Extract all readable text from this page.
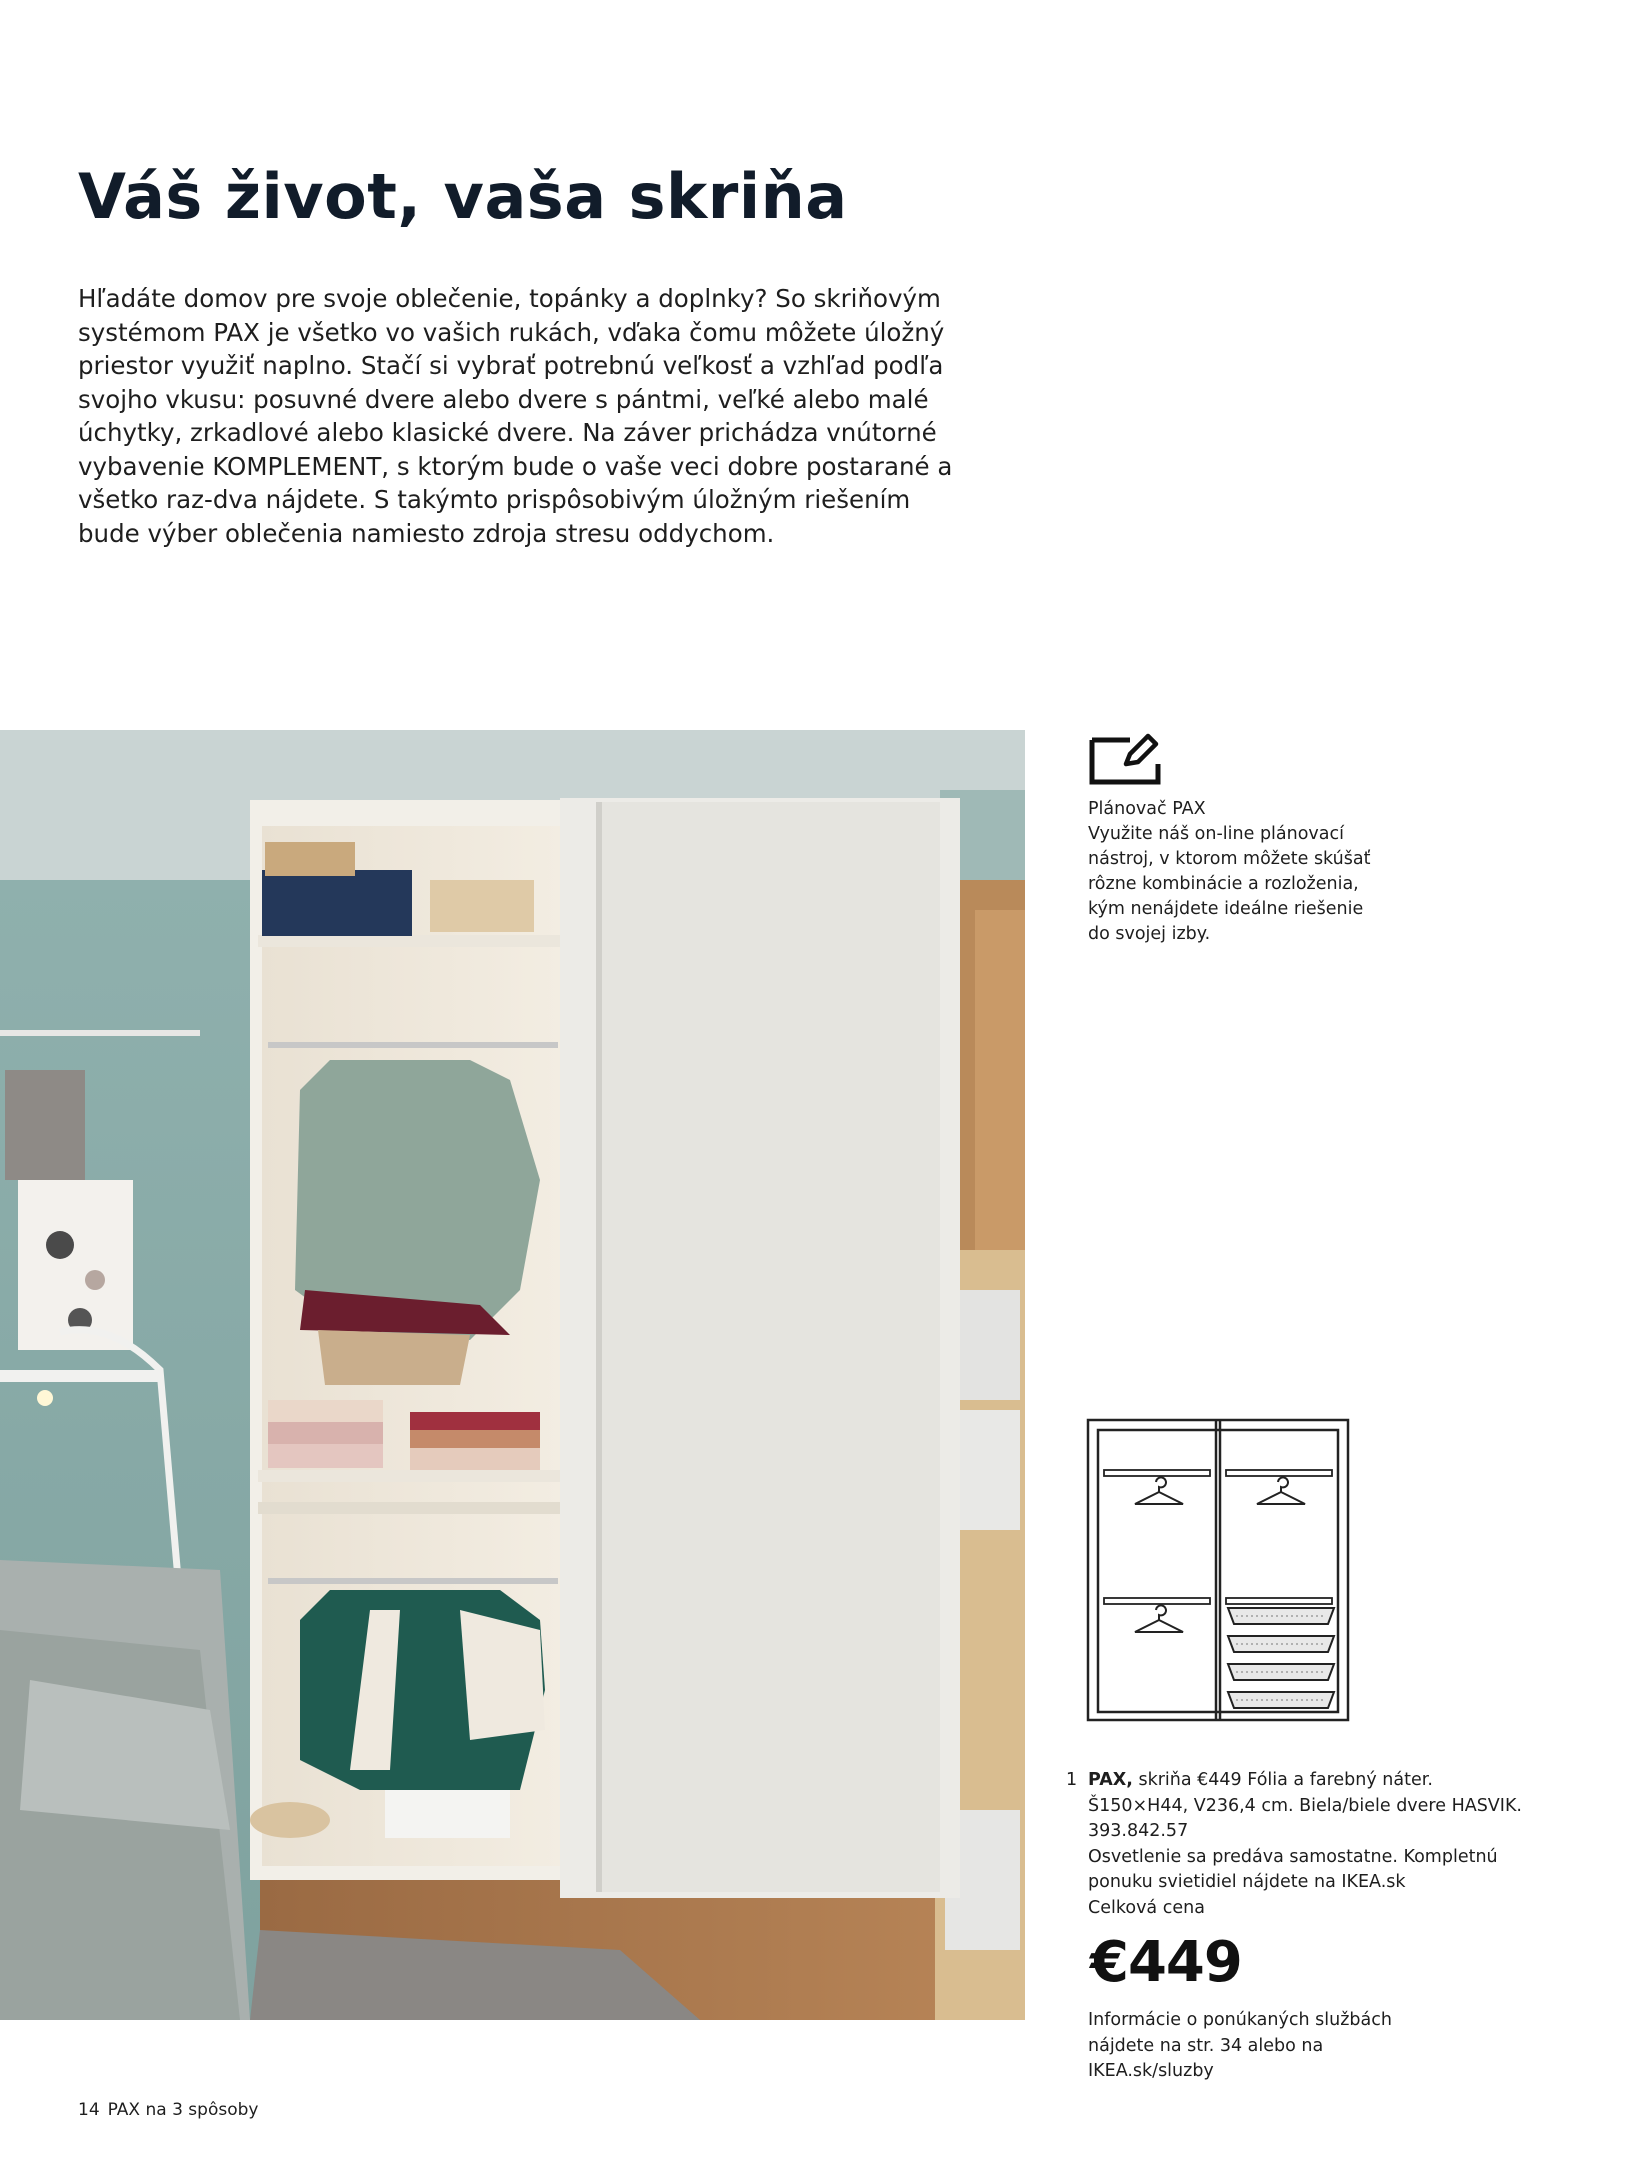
Váš život, vaša skriňa

Hľadáte domov pre svoje oblečenie, topánky a doplnky? So skriňovým systémom PAX je všetko vo vašich rukách, vďaka čomu môžete úložný priestor využiť naplno. Stačí si vybrať potrebnú veľkosť a vzhľad podľa svojho vkusu: posuvné dvere alebo dvere s pántmi, veľké alebo malé úchytky, zrkadlové alebo klasické dvere. Na záver prichádza vnútorné vybavenie KOMPLEMENT, s ktorým bude o vaše veci dobre postarané a všetko raz-dva nájdete. S takýmto prispôsobivým úložným riešením bude výber oblečenia namiesto zdroja stresu oddychom.

Plánovač PAX

Využite náš on-line plánovací nástroj, v ktorom môžete skúšať rôzne kombinácie a rozloženia, kým nenájdete ideálne riešenie do svojej izby.

1 PAX, skriňa €449 Fólia a farebný náter. Š150×H44, V236,4 cm. Biela/biele dvere HASVIK. 393.842.57

Osvetlenie sa predáva samostatne. Kompletnú ponuku svietidiel nájdete na IKEA.sk

Celková cena

€449

Informácie o ponúkaných službách nájdete na str. 34 alebo na IKEA.sk/sluzby
14 PAX na 3 spôsoby
